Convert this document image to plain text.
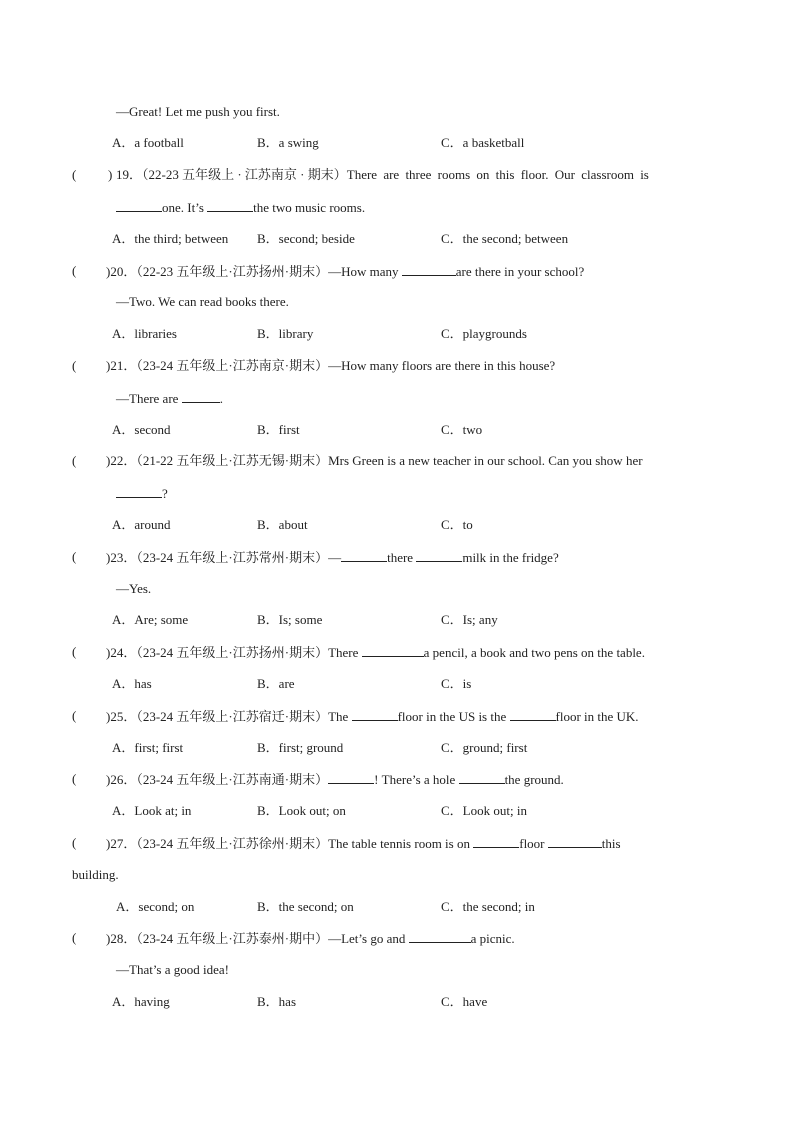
—Great! Let me push you first.
A．a football	B．a swing	C．a basketball
( ) 19．（22-23 五年级上 · 江苏南京 · 期末）There are three rooms on this floor. Our classroom is
one. It’s	the two music rooms.
A．the third; between B．second; beside	C．the second; between
( )20．（22-23 五年级上·江苏扬州·期末）—How many	are there in your school?
—Two. We can read books there.
A．libraries	B．library	C．playgrounds
( )21．（23-24 五年级上·江苏南京·期末）—How many floors are there in this house?
—There are	.
A．second	B．first	C．two
( )22．（21-22 五年级上·江苏无锡·期末）Mrs Green is a new teacher in our school. Can you show her
?
A．around	B．about	C．to
( )23．（23-24 五年级上·江苏常州·期末）—	there	milk in the fridge?
—Yes.
A．Are; some	B．Is; some	C．Is; any
( )24．（23-24 五年级上·江苏扬州·期末）There	a pencil, a book and two pens on the table.
A．has	B．are	C．is
( )25．（23-24 五年级上·江苏宿迁·期末）The	floor in the US is the	floor in the UK.
A．first; first	B．first; ground	C．ground; first
( )26．（23-24 五年级上·江苏南通·期末）	! There’s a hole	the ground.
A．Look at; in	B．Look out; on	C．Look out; in
( )27．（23-24 五年级上·江苏徐州·期末）The table tennis room is on	floor	this
building.
A．second; on	B．the second; on	C．the second; in
( )28．（23-24 五年级上·江苏泰州·期中）—Let’s go and	a picnic.
—That’s a good idea!
A．having	B．has	C．have
